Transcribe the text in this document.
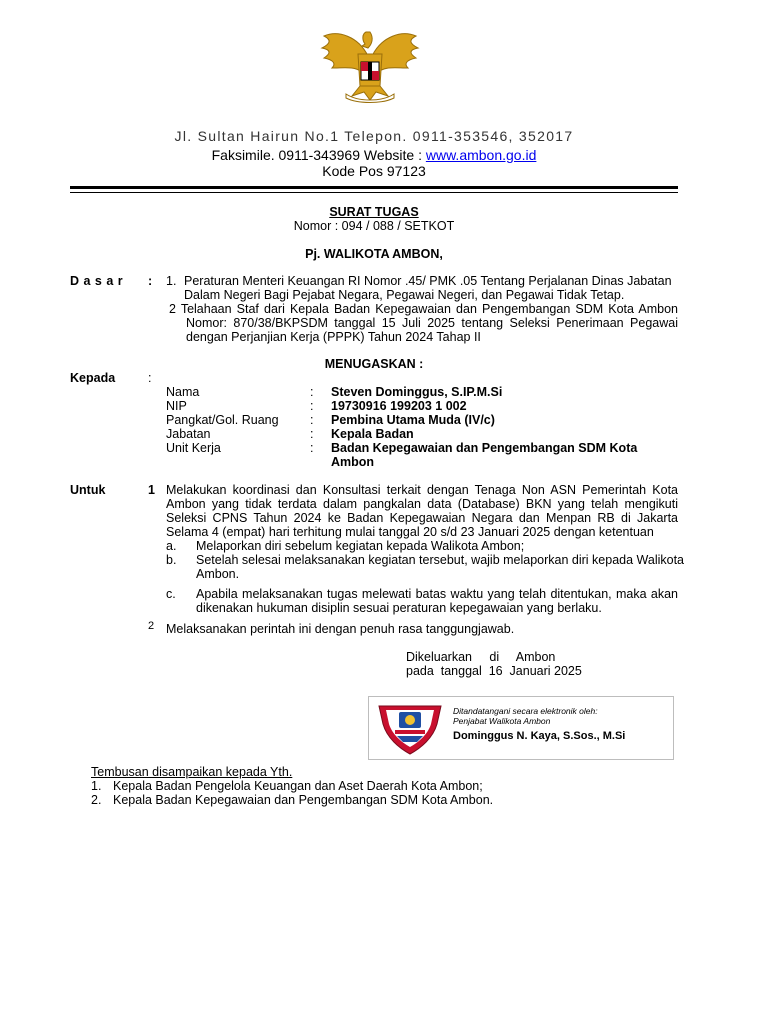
Jl. Sultan Hairun No.1 Telepon. 0911-353546, 352017
Faksimile. 0911-343969 Website : www.ambon.go.id
Kode Pos 97123
SURAT TUGAS
Nomor : 094 / 088 / SETKOT
Pj. WALIKOTA AMBON,
D a s a r : 1. Peraturan Menteri Keuangan RI Nomor .45/ PMK .05 Tentang Perjalanan Dinas Jabatan
Dalam Negeri Bagi Pejabat Negara, Pegawai Negeri, dan Pegawai Tidak Tetap.
2 Telahaan Staf dari Kepala Badan Kepegawaian dan Pengembangan SDM Kota Ambon
Nomor: 870/38/BKPSDM tanggal 15 Juli 2025 tentang Seleksi Penerimaan Pegawai
dengan Perjanjian Kerja (PPPK) Tahun 2024 Tahap II
MENUGASKAN :
Kepada	:
Nama	: Steven Dominggus, S.IP.M.Si
NIP	: 19730916 199203 1 002
Pangkat/Gol. Ruang	: Pembina Utama Muda (IV/c)
Jabatan	: Kepala Badan
Unit Kerja	: Badan Kepegawaian dan Pengembangan SDM Kota
Ambon
Untuk	1 Melakukan koordinasi dan Konsultasi terkait dengan Tenaga Non ASN Pemerintah Kota
Ambon yang tidak terdata dalam pangkalan data (Database) BKN yang telah mengikuti
Seleksi CPNS Tahun 2024 ke Badan Kepegawaian Negara dan Menpan RB di Jakarta
Selama 4 (empat) hari terhitung mulai tanggal 20 s/d 23 Januari 2025 dengan ketentuan
a. Melaporkan diri sebelum kegiatan kepada Walikota Ambon;
b. Setelah selesai melaksanakan kegiatan tersebut, wajib melaporkan diri kepada Walikota
Ambon.
c. Apabila melaksanakan tugas melewati batas waktu yang telah ditentukan, maka akan
dikenakan hukuman disiplin sesuai peraturan kepegawaian yang berlaku.
2 Melaksanakan perintah ini dengan penuh rasa tanggungjawab.
Dikeluarkan     di     Ambon
pada  tanggal  16  Januari 2025
Ditandatangani secara elektronik oleh:
Penjabat Walikota Ambon
Dominggus N. Kaya, S.Sos., M.Si
Tembusan disampaikan kepada Yth.
1. Kepala Badan Pengelola Keuangan dan Aset Daerah Kota Ambon;
2. Kepala Badan Kepegawaian dan Pengembangan SDM Kota Ambon.
